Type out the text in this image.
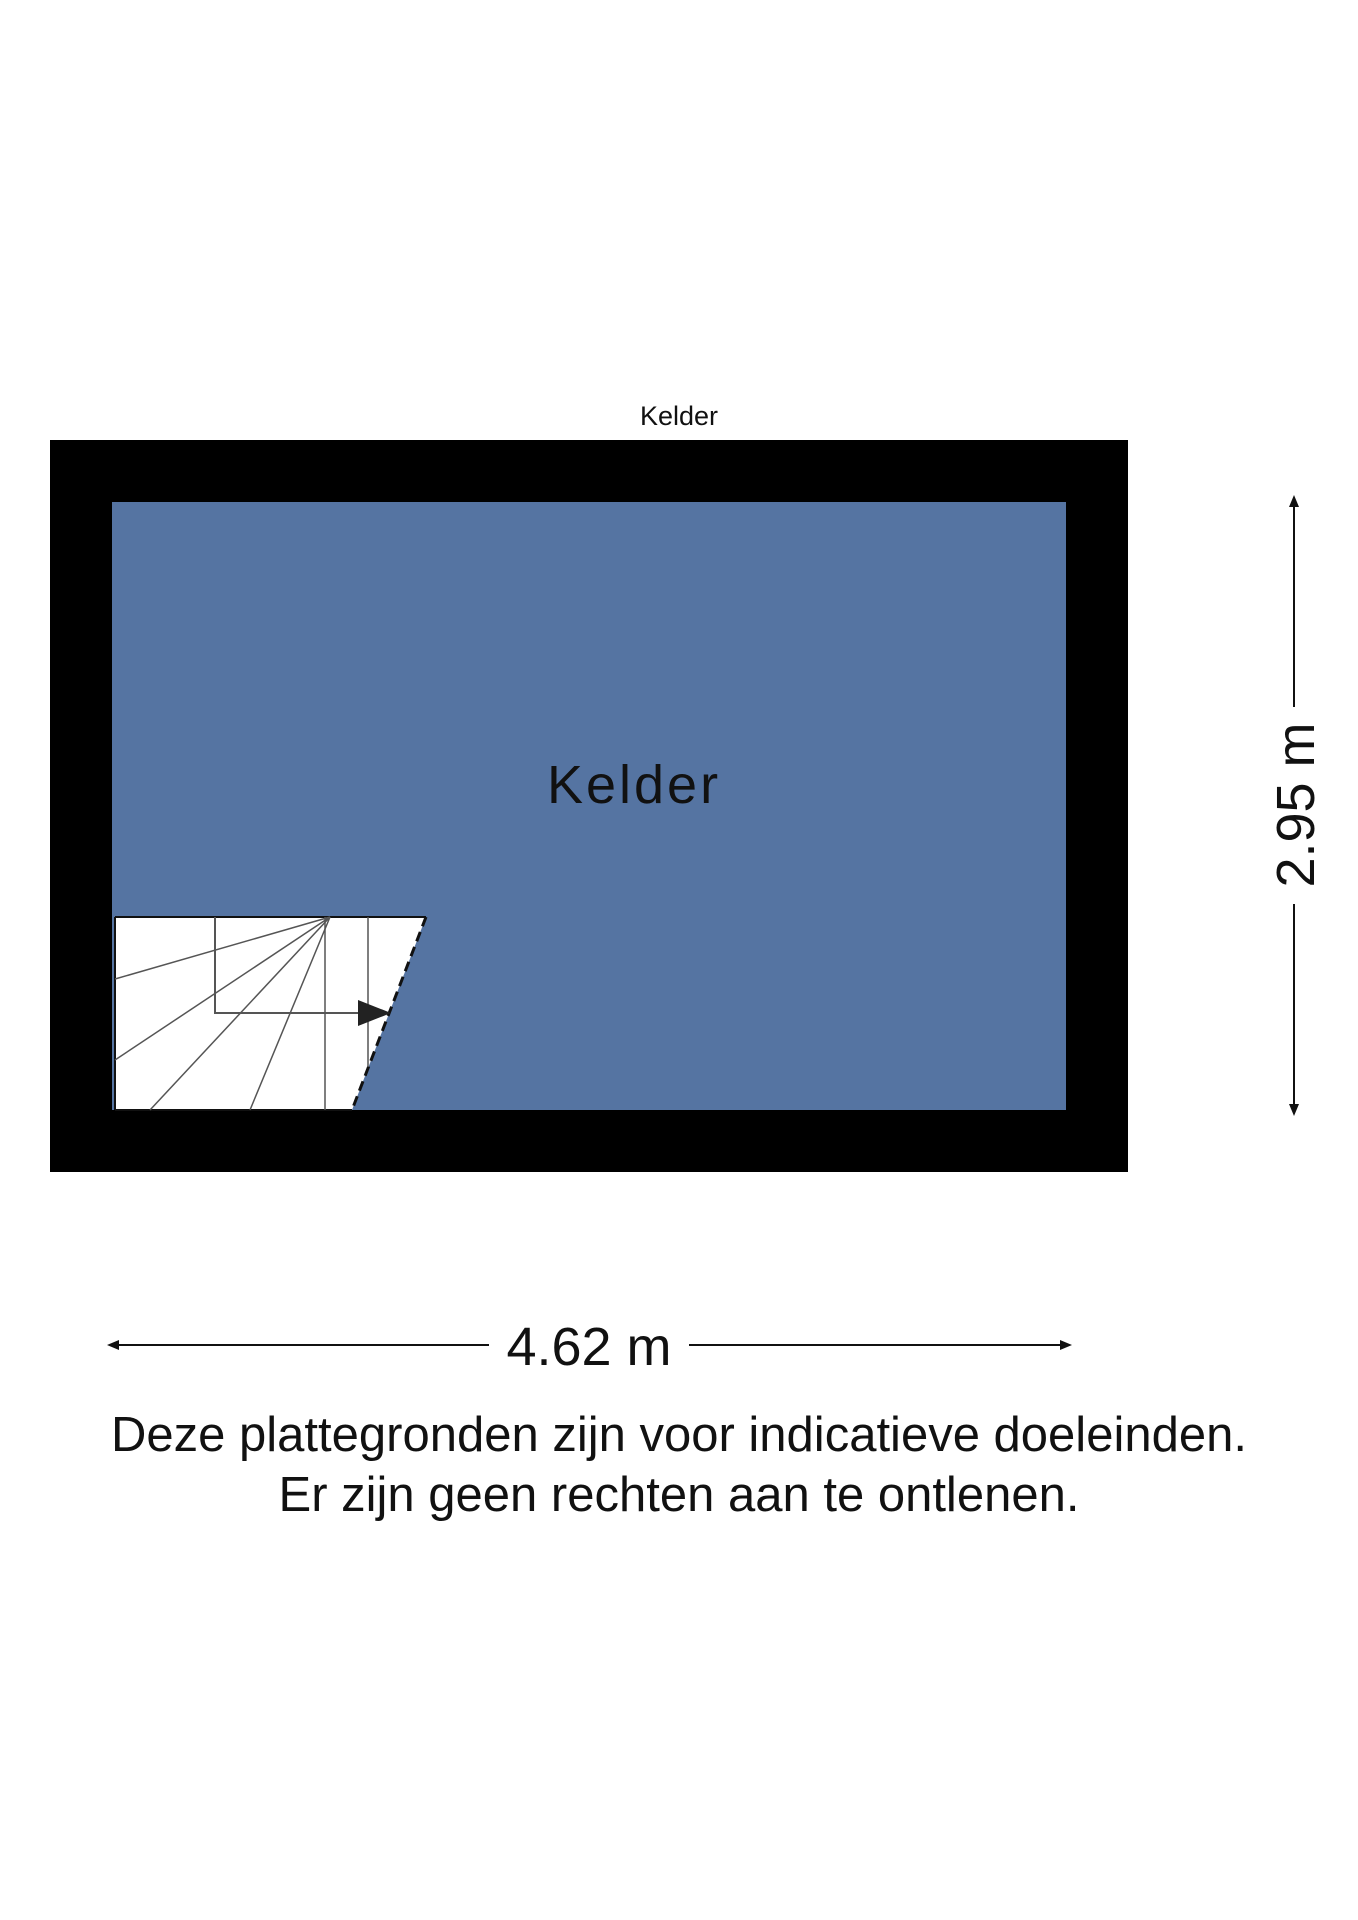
Kelder
Kelder
4.62 m
2.95 m
Deze plattegronden zijn voor indicatieve doeleinden.
Er zijn geen rechten aan te ontlenen.
